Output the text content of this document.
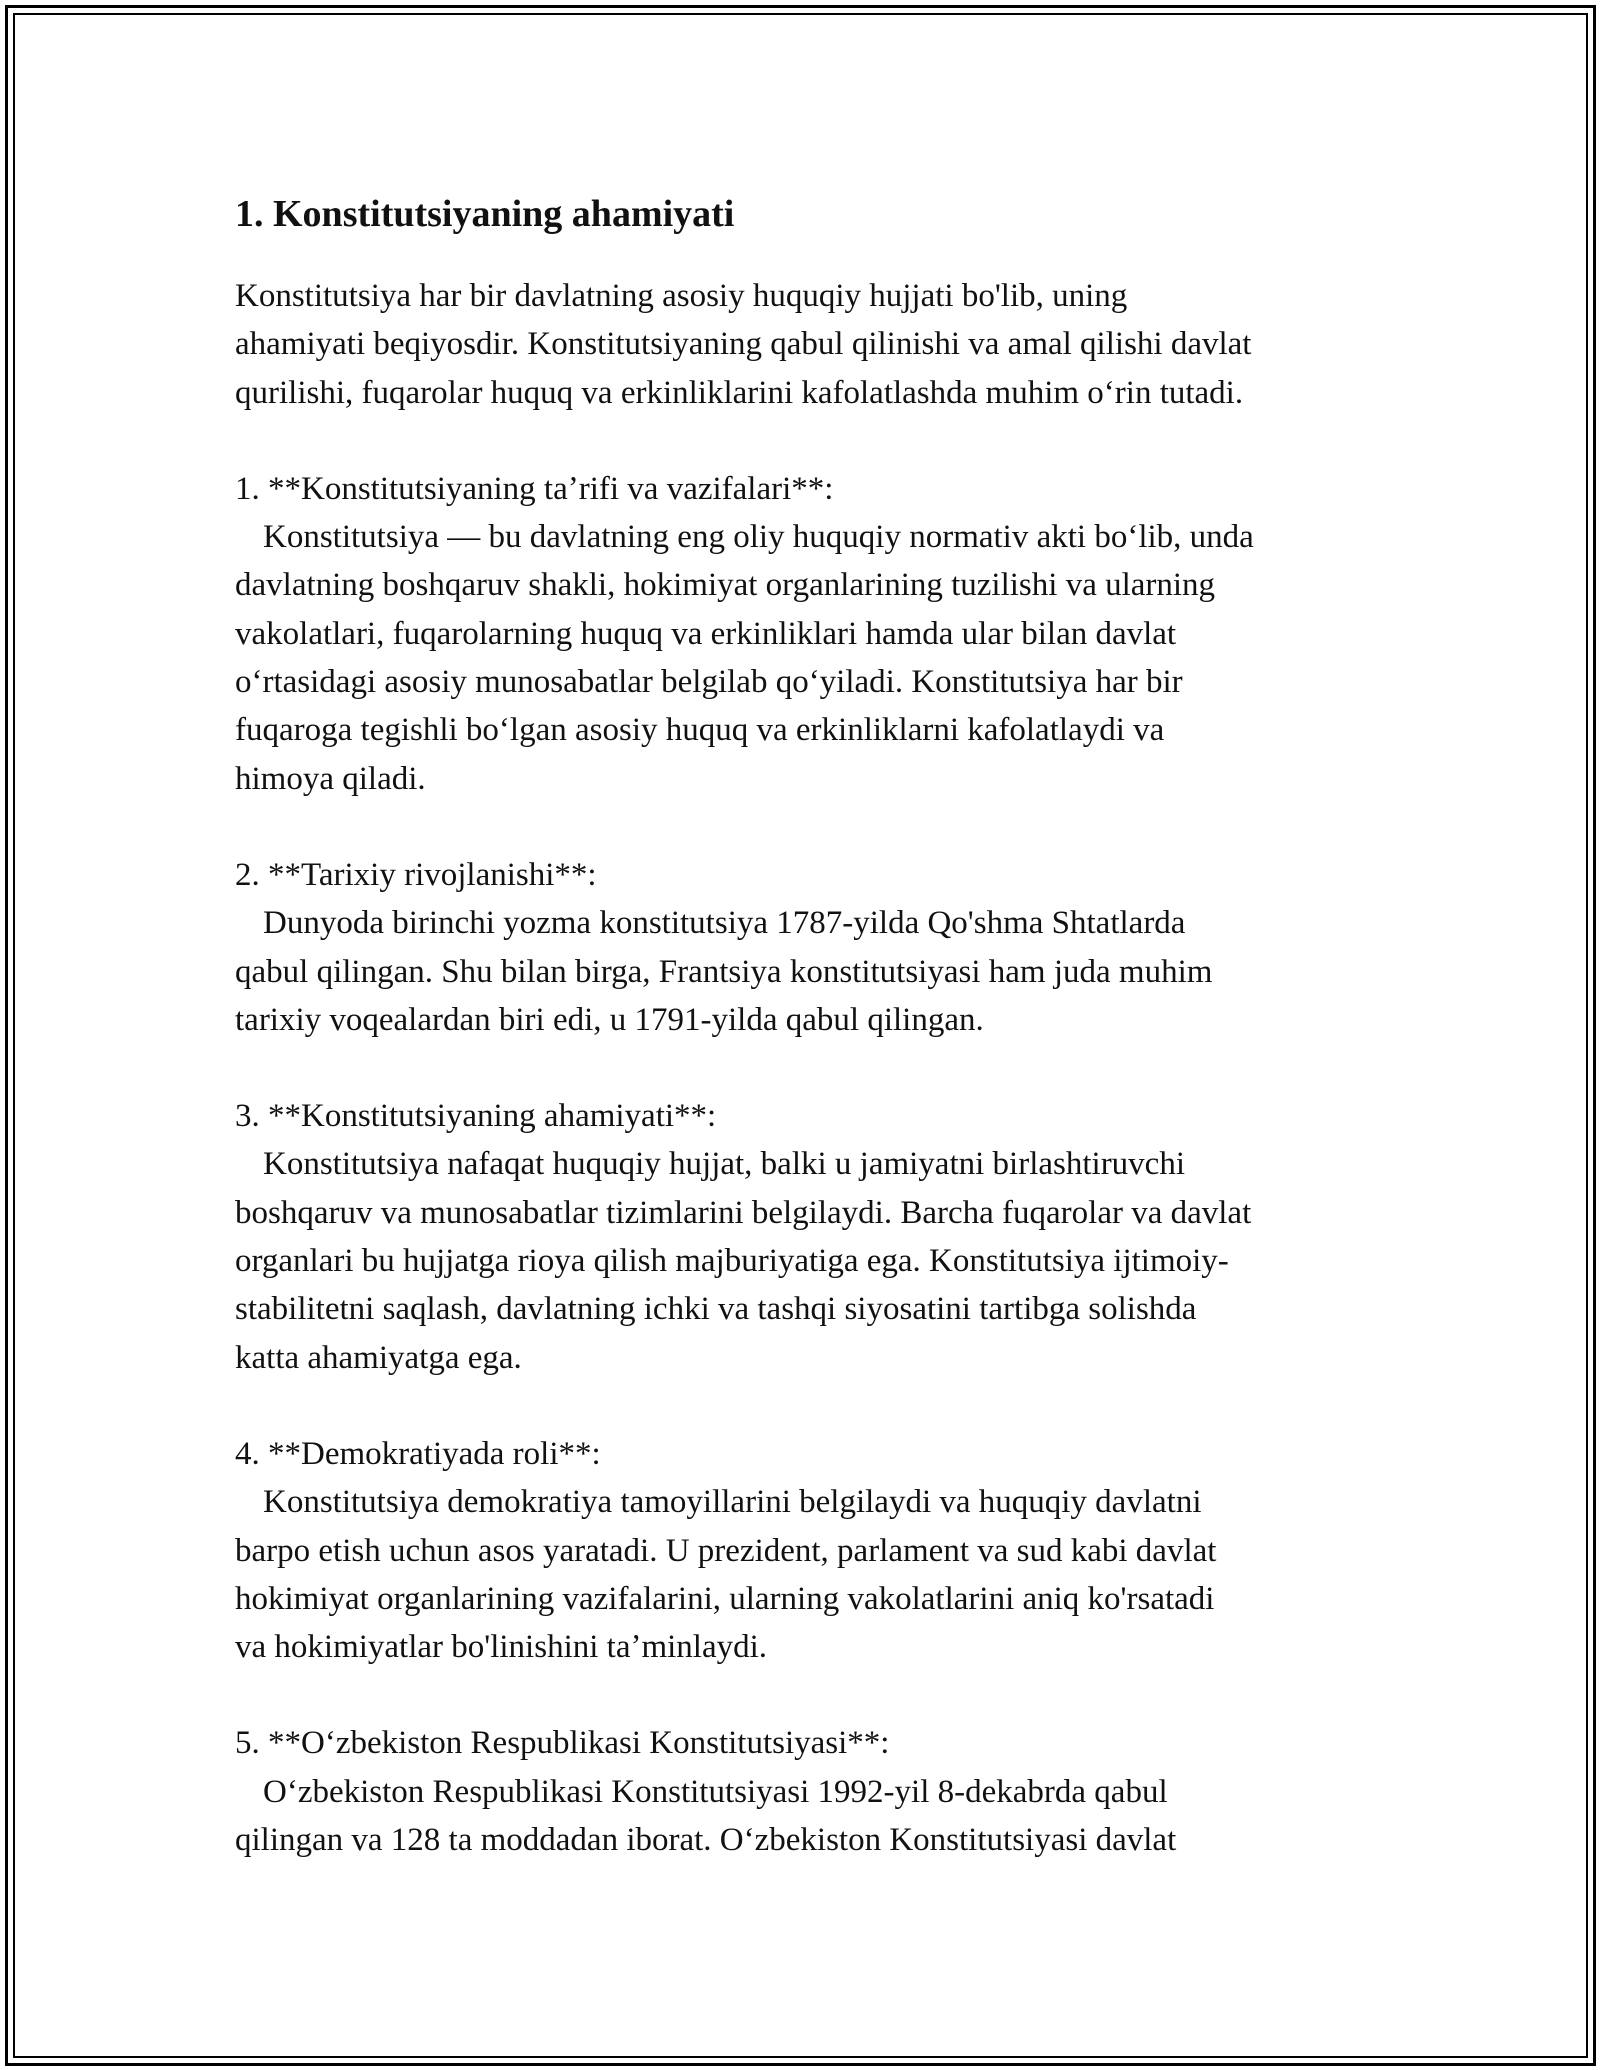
1. Konstitutsiyaning ahamiyati

Konstitutsiya har bir davlatning asosiy huquqiy hujjati bo'lib, uning

ahamiyati beqiyosdir. Konstitutsiyaning qabul qilinishi va amal qilishi davlat

qurilishi, fuqarolar huquq va erkinliklarini kafolatlashda muhim oʻrin tutadi.

1. **Konstitutsiyaning taʼrifi va vazifalari**:

Konstitutsiya — bu davlatning eng oliy huquqiy normativ akti boʻlib, unda

davlatning boshqaruv shakli, hokimiyat organlarining tuzilishi va ularning

vakolatlari, fuqarolarning huquq va erkinliklari hamda ular bilan davlat

oʻrtasidagi asosiy munosabatlar belgilab qoʻyiladi. Konstitutsiya har bir

fuqaroga tegishli boʻlgan asosiy huquq va erkinliklarni kafolatlaydi va

himoya qiladi.

2. **Tarixiy rivojlanishi**:

Dunyoda birinchi yozma konstitutsiya 1787-yilda Qo'shma Shtatlarda

qabul qilingan. Shu bilan birga, Frantsiya konstitutsiyasi ham juda muhim

tarixiy voqealardan biri edi, u 1791-yilda qabul qilingan.

3. **Konstitutsiyaning ahamiyati**:

Konstitutsiya nafaqat huquqiy hujjat, balki u jamiyatni birlashtiruvchi

boshqaruv va munosabatlar tizimlarini belgilaydi. Barcha fuqarolar va davlat

organlari bu hujjatga rioya qilish majburiyatiga ega. Konstitutsiya ijtimoiy-

stabilitetni saqlash, davlatning ichki va tashqi siyosatini tartibga solishda

katta ahamiyatga ega.

4. **Demokratiyada roli**:

Konstitutsiya demokratiya tamoyillarini belgilaydi va huquqiy davlatni

barpo etish uchun asos yaratadi. U prezident, parlament va sud kabi davlat

hokimiyat organlarining vazifalarini, ularning vakolatlarini aniq ko'rsatadi

va hokimiyatlar bo'linishini taʼminlaydi.

5. **Oʻzbekiston Respublikasi Konstitutsiyasi**:

Oʻzbekiston Respublikasi Konstitutsiyasi 1992-yil 8-dekabrda qabul

qilingan va 128 ta moddadan iborat. Oʻzbekiston Konstitutsiyasi davlat
